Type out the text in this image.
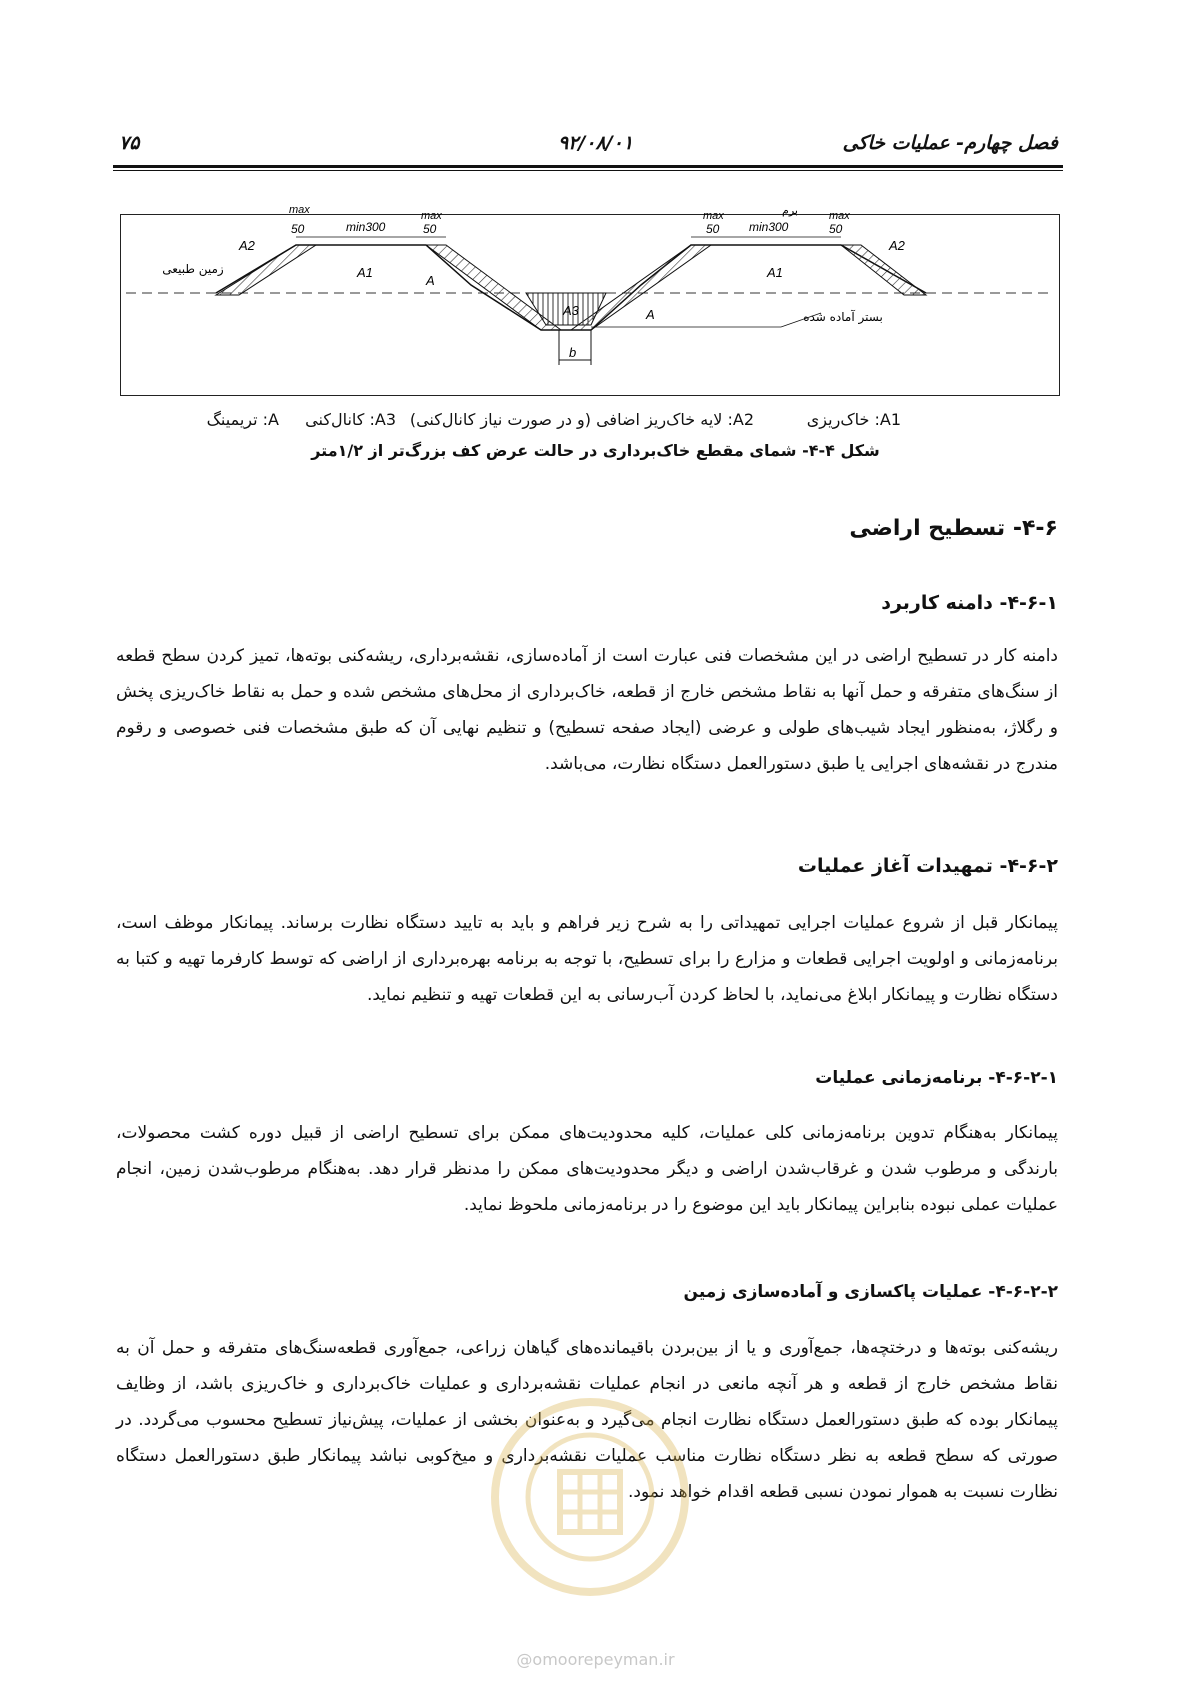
فصل چهارم- عملیات خاکی
۹۲/۰۸/۰۱
۷۵
max
50	min300
max
50
max
50 min300
max
50
برم
A2	A2
A1	A1
A
A
A3
b
زمین طبیعی
بستر آماده شده
A1: خاک‌ریزی
A2: لایه خاک‌ریز اضافی (و در صورت نیاز کانال‌کنی)
A3: کانال‌کنی
A: تریمینگ
شکل ۴-۴- شمای مقطع خاک‌برداری در حالت عرض کف بزرگ‌تر از ۱/۲متر
۴-۶- تسطیح اراضی
۴-۶-۱- دامنه کاربرد
دامنه کار در تسطیح اراضی در این مشخصات فنی عبارت است از آماده‌سازی، نقشه‌برداری، ریشه‌کنی بوته‌ها، تمیز کردن سطح قطعه از سنگ‌های متفرقه و حمل آنها به نقاط مشخص خارج از قطعه، خاک‌برداری از محل‌های مشخص شده و حمل به نقاط خاک‌ریزی پخش و رگلاژ، به‌منظور ایجاد شیب‌های طولی و عرضی (ایجاد صفحه تسطیح) و تنظیم نهایی آن که طبق مشخصات فنی خصوصی و رقوم مندرج در نقشه‌های اجرایی یا طبق دستورالعمل دستگاه نظارت، می‌باشد.
۴-۶-۲- تمهیدات آغاز عملیات
پیمانکار قبل از شروع عملیات اجرایی تمهیداتی را به شرح زیر فراهم و باید به تایید دستگاه نظارت برساند. پیمانکار موظف است، برنامه‌زمانی و اولویت اجرایی قطعات و مزارع را برای تسطیح، با توجه به برنامه بهره‌برداری از اراضی که توسط کارفرما تهیه و کتبا به دستگاه نظارت و پیمانکار ابلاغ می‌نماید، با لحاظ کردن آب‌رسانی به این قطعات تهیه و تنظیم نماید.
۴-۶-۲-۱- برنامه‌زمانی عملیات
پیمانکار به‌هنگام تدوین برنامه‌زمانی کلی عملیات، کلیه محدودیت‌های ممکن برای تسطیح اراضی از قبیل دوره کشت محصولات، بارندگی و مرطوب شدن و غرقاب‌شدن اراضی و دیگر محدودیت‌های ممکن را مدنظر قرار دهد. به‌هنگام مرطوب‌شدن زمین، انجام عملیات عملی نبوده بنابراین پیمانکار باید این موضوع را در برنامه‌زمانی ملحوظ نماید.
۴-۶-۲-۲- عملیات پاکسازی و آماده‌سازی زمین
ریشه‌کنی بوته‌ها و درختچه‌ها، جمع‌آوری و یا از بین‌بردن باقیمانده‌های گیاهان زراعی، جمع‌آوری قطعه‌سنگ‌های متفرقه و حمل آن به نقاط مشخص خارج از قطعه و هر آنچه مانعی در انجام عملیات نقشه‌برداری و عملیات خاک‌برداری و خاک‌ریزی باشد، از وظایف پیمانکار بوده که طبق دستورالعمل دستگاه نظارت انجام می‌گیرد و به‌عنوان بخشی از عملیات، پیش‌نیاز تسطیح محسوب می‌گردد. در صورتی که سطح قطعه به نظر دستگاه نظارت مناسب عملیات نقشه‌برداری و میخ‌کوبی نباشد پیمانکار طبق دستورالعمل دستگاه نظارت نسبت به هموار نمودن نسبی قطعه اقدام خواهد نمود.
@omoorepeyman.ir
